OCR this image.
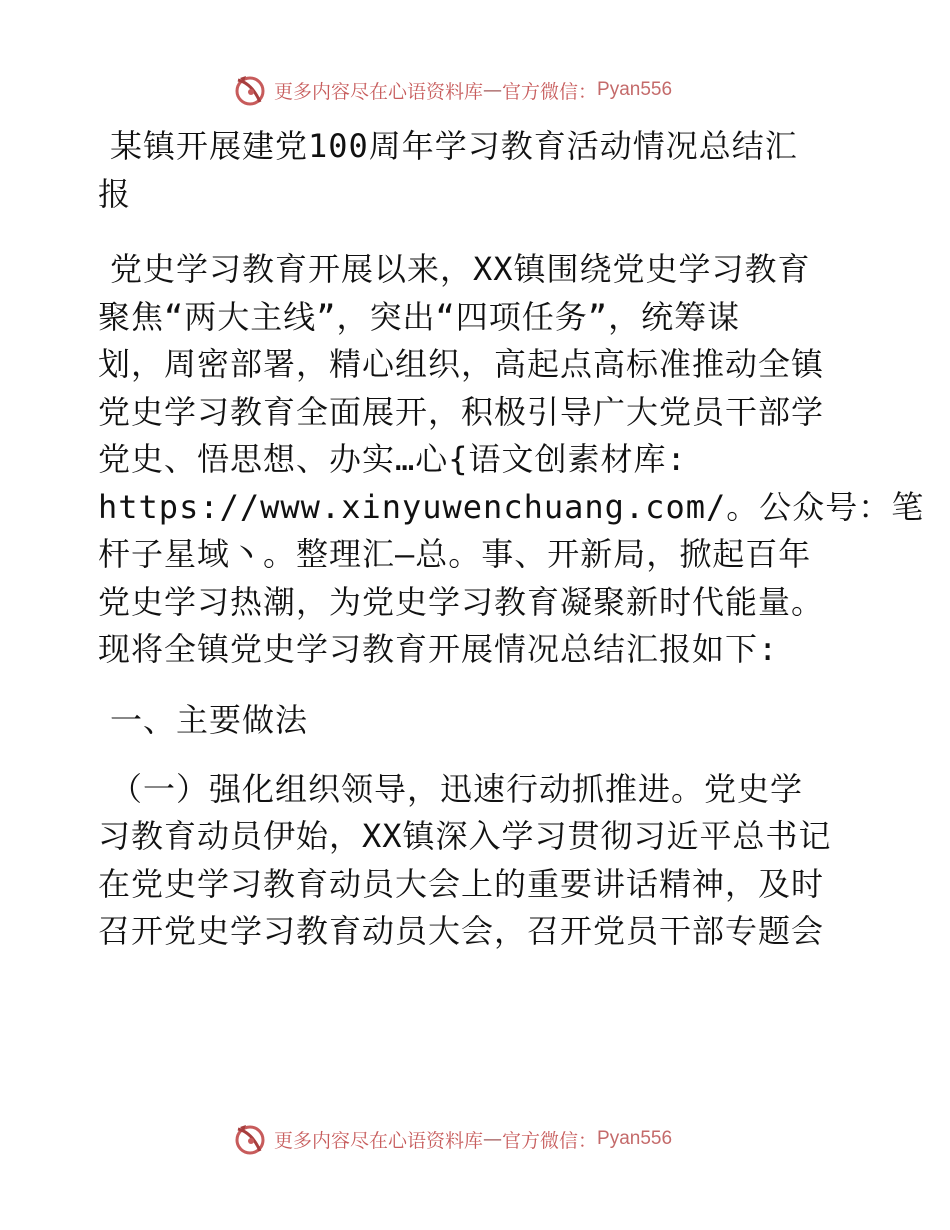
更多内容尽在心语资料库 — 官方微信： Pyan556
某镇开展建党100周年学习教育活动情况总结汇
报
党史学习教育开展以来，XX镇围绕党史学习教育
聚焦“两大主线”，突出“四项任务”，统筹谋
划，周密部署，精心组织，高起点高标准推动全镇
党史学习教育全面展开，积极引导广大党员干部学
党史、悟思想、办实…心{语文创素材库:
https://www.xinyuwenchuang.com/。公众号：笔
杆子星域丶。整理汇—总。事、开新局，掀起百年
党史学习热潮，为党史学习教育凝聚新时代能量。
现将全镇党史学习教育开展情况总结汇报如下:
一、主要做法
（一）强化组织领导，迅速行动抓推进。党史学
习教育动员伊始，XX镇深入学习贯彻习近平总书记
在党史学习教育动员大会上的重要讲话精神，及时
召开党史学习教育动员大会，召开党员干部专题会
更多内容尽在心语资料库 — 官方微信： Pyan556
